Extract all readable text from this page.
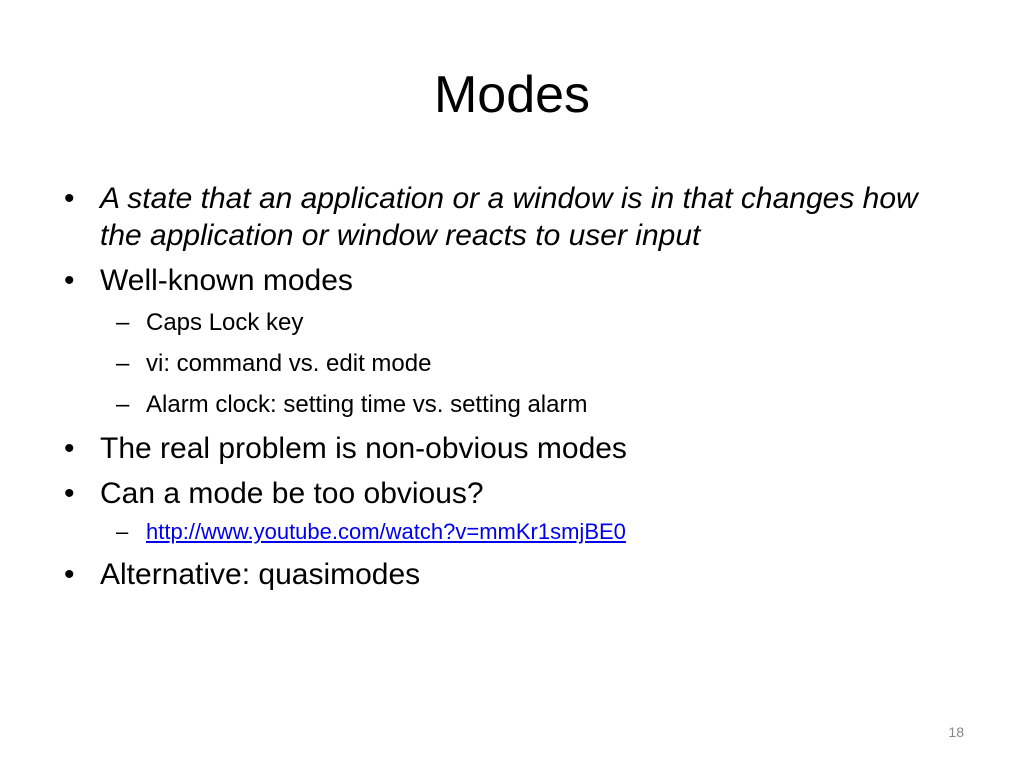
Modes
• A state that an application or a window is in that changes how the application or window reacts to user input
• Well-known modes
– Caps Lock key
– vi: command vs. edit mode
– Alarm clock: setting time vs. setting alarm
• The real problem is non-obvious modes
• Can a mode be too obvious?
– http://www.youtube.com/watch?v=mmKr1smjBE0
• Alternative: quasimodes
18
